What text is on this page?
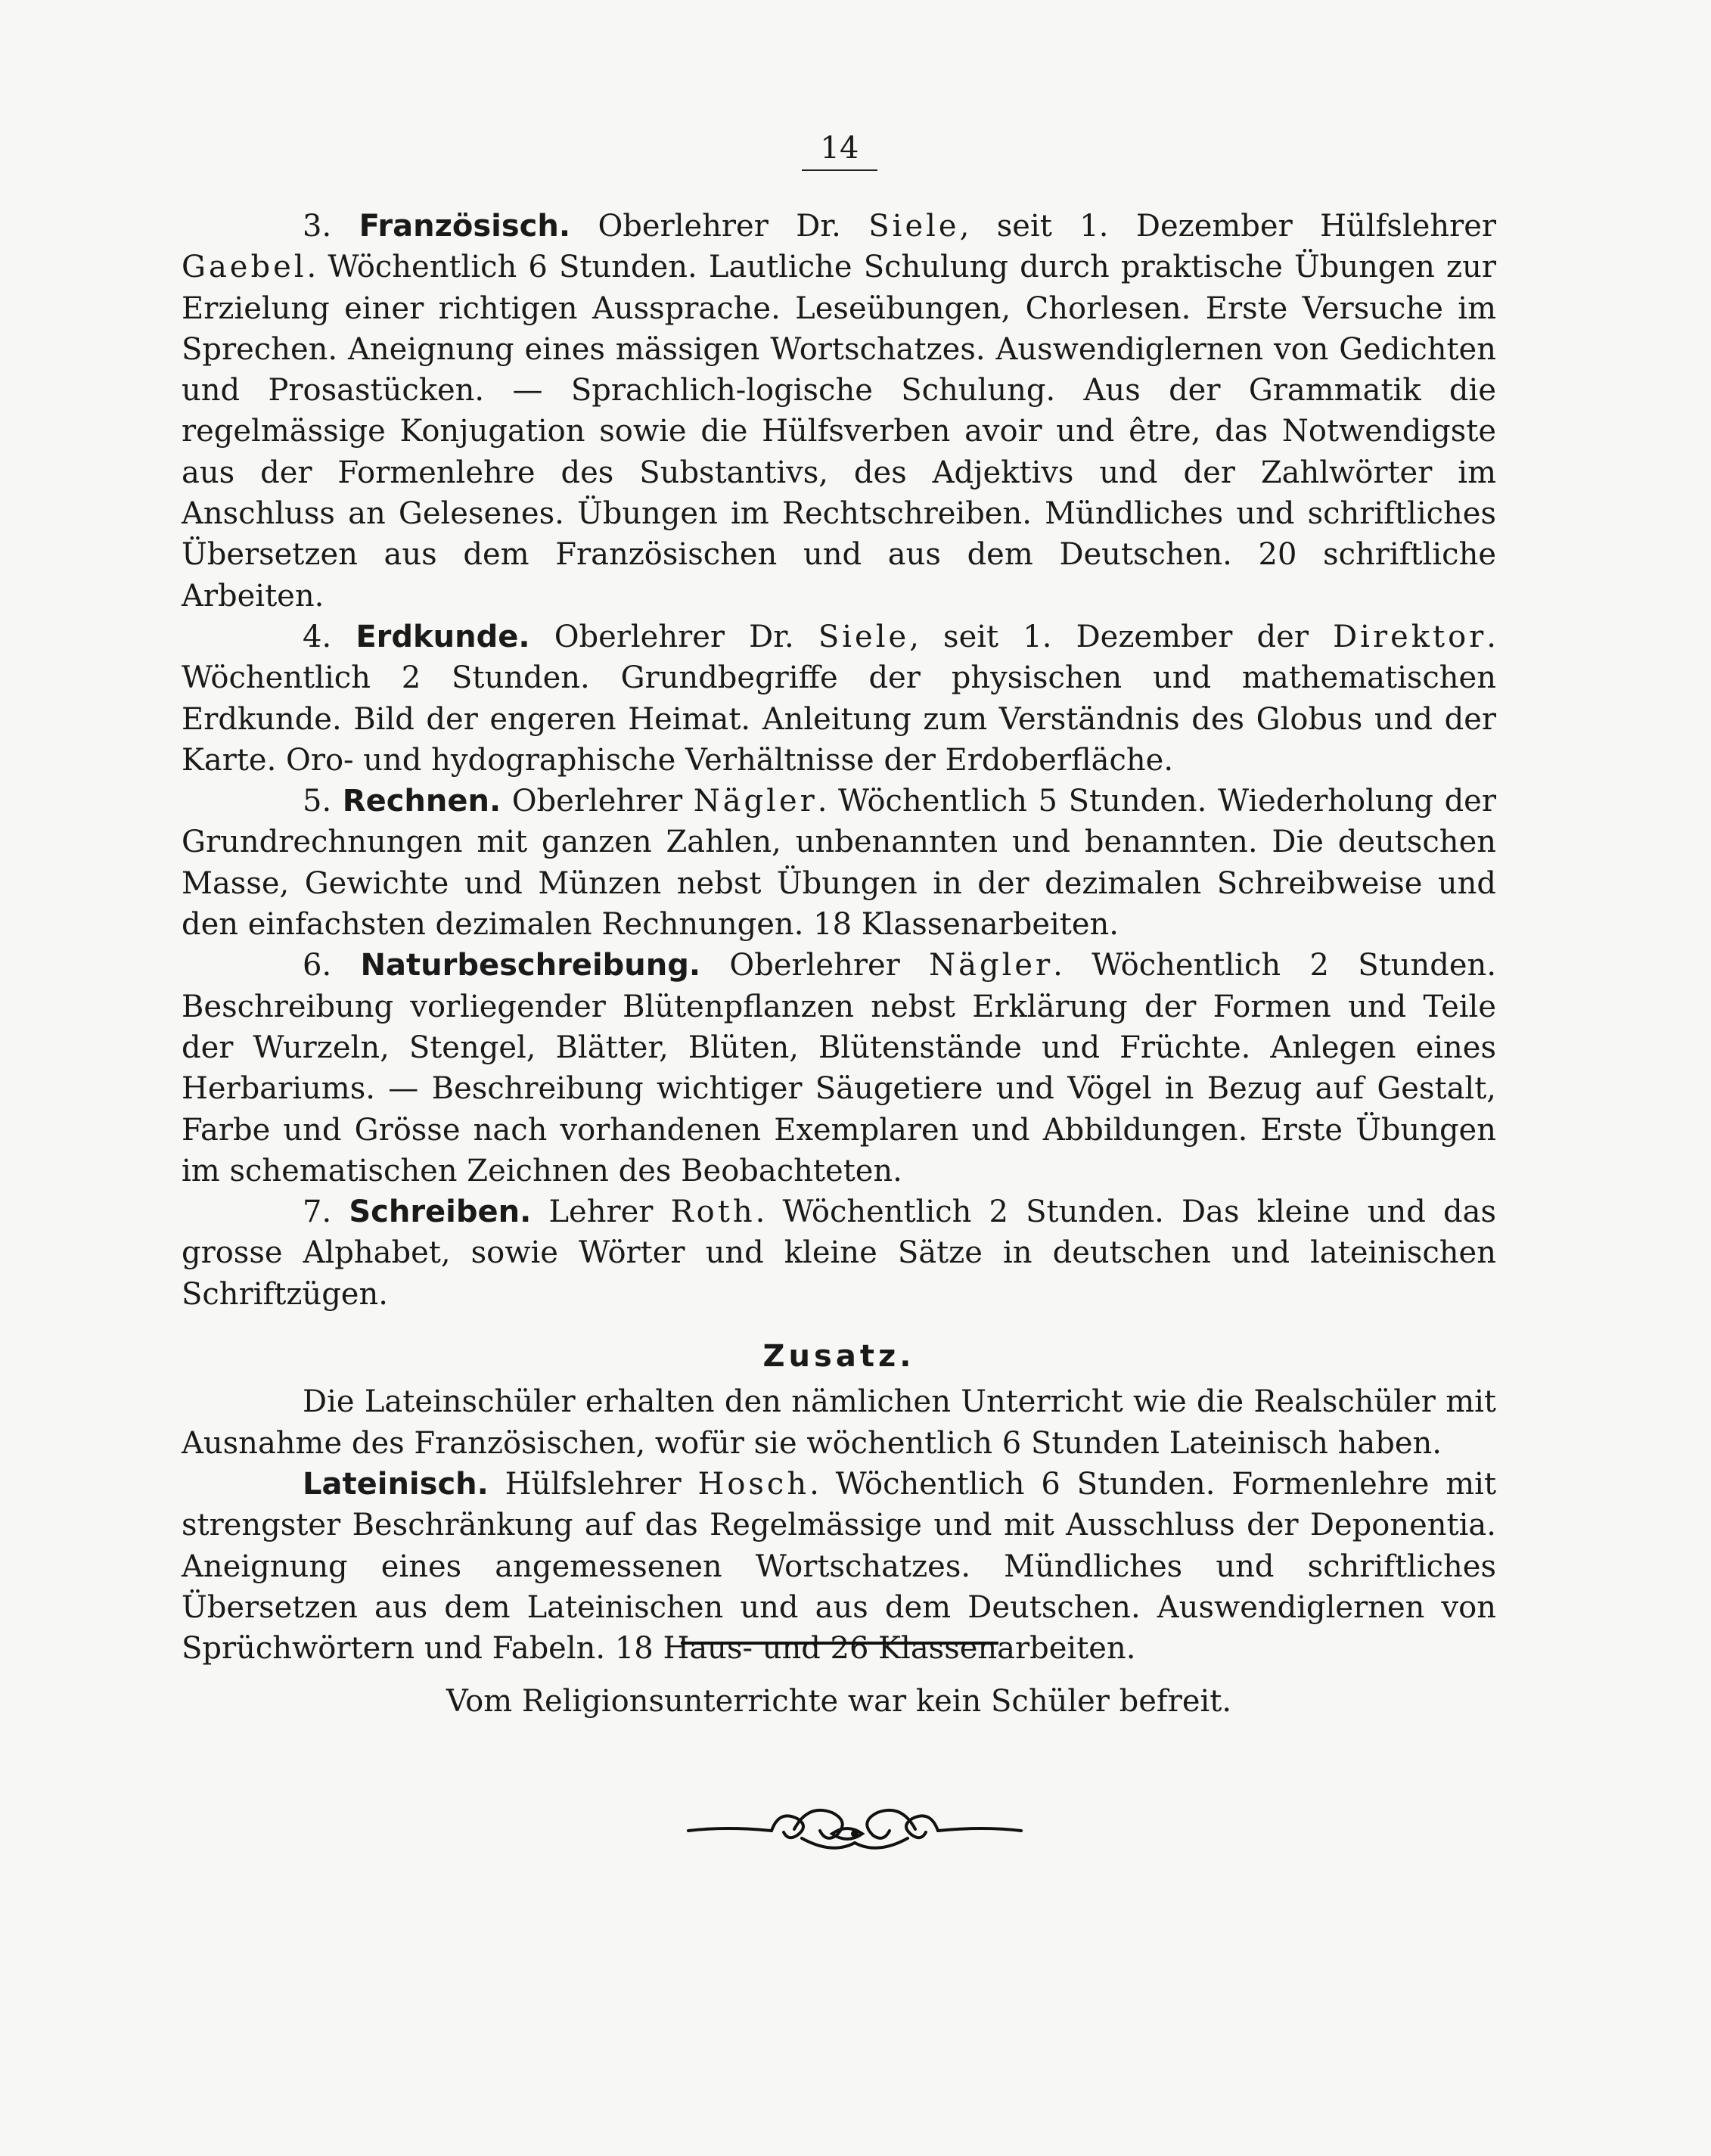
14

3. Französisch. Oberlehrer Dr. Siele, seit 1. Dezember Hülfslehrer Gaebel. Wöchentlich 6 Stunden. Lautliche Schulung durch praktische Übungen zur Erzielung einer richtigen Aussprache. Leseübungen, Chorlesen. Erste Versuche im Sprechen. Aneignung eines mässigen Wortschatzes. Auswendiglernen von Gedichten und Prosastücken. — Sprachlich-logische Schulung. Aus der Grammatik die regelmässige Konjugation sowie die Hülfsverben avoir und être, das Notwendigste aus der Formenlehre des Substantivs, des Adjektivs und der Zahlwörter im Anschluss an Gelesenes. Übungen im Rechtschreiben. Mündliches und schriftliches Übersetzen aus dem Französischen und aus dem Deutschen. 20 schriftliche Arbeiten.

4. Erdkunde. Oberlehrer Dr. Siele, seit 1. Dezember der Direktor. Wöchentlich 2 Stunden. Grundbegriffe der physischen und mathematischen Erdkunde. Bild der engeren Heimat. Anleitung zum Verständnis des Globus und der Karte. Oro- und hydographische Verhältnisse der Erdoberfläche.

5. Rechnen. Oberlehrer Nägler. Wöchentlich 5 Stunden. Wiederholung der Grundrechnungen mit ganzen Zahlen, unbenannten und benannten. Die deutschen Masse, Gewichte und Münzen nebst Übungen in der dezimalen Schreibweise und den einfachsten dezimalen Rechnungen. 18 Klassenarbeiten.

6. Naturbeschreibung. Oberlehrer Nägler. Wöchentlich 2 Stunden. Beschreibung vorliegender Blütenpflanzen nebst Erklärung der Formen und Teile der Wurzeln, Stengel, Blätter, Blüten, Blütenstände und Früchte. Anlegen eines Herbariums. — Beschreibung wichtiger Säugetiere und Vögel in Bezug auf Gestalt, Farbe und Grösse nach vorhandenen Exemplaren und Abbildungen. Erste Übungen im schematischen Zeichnen des Beobachteten.

7. Schreiben. Lehrer Roth. Wöchentlich 2 Stunden. Das kleine und das grosse Alphabet, sowie Wörter und kleine Sätze in deutschen und lateinischen Schriftzügen.

Zusatz.

Die Lateinschüler erhalten den nämlichen Unterricht wie die Realschüler mit Ausnahme des Französischen, wofür sie wöchentlich 6 Stunden Lateinisch haben.

Lateinisch. Hülfslehrer Hosch. Wöchentlich 6 Stunden. Formenlehre mit strengster Beschränkung auf das Regelmässige und mit Ausschluss der Deponentia. Aneignung eines angemessenen Wortschatzes. Mündliches und schriftliches Übersetzen aus dem Lateinischen und aus dem Deutschen. Auswendiglernen von Sprüchwörtern und Fabeln. 18 Haus- und 26 Klassenarbeiten.

Vom Religionsunterrichte war kein Schüler befreit.
